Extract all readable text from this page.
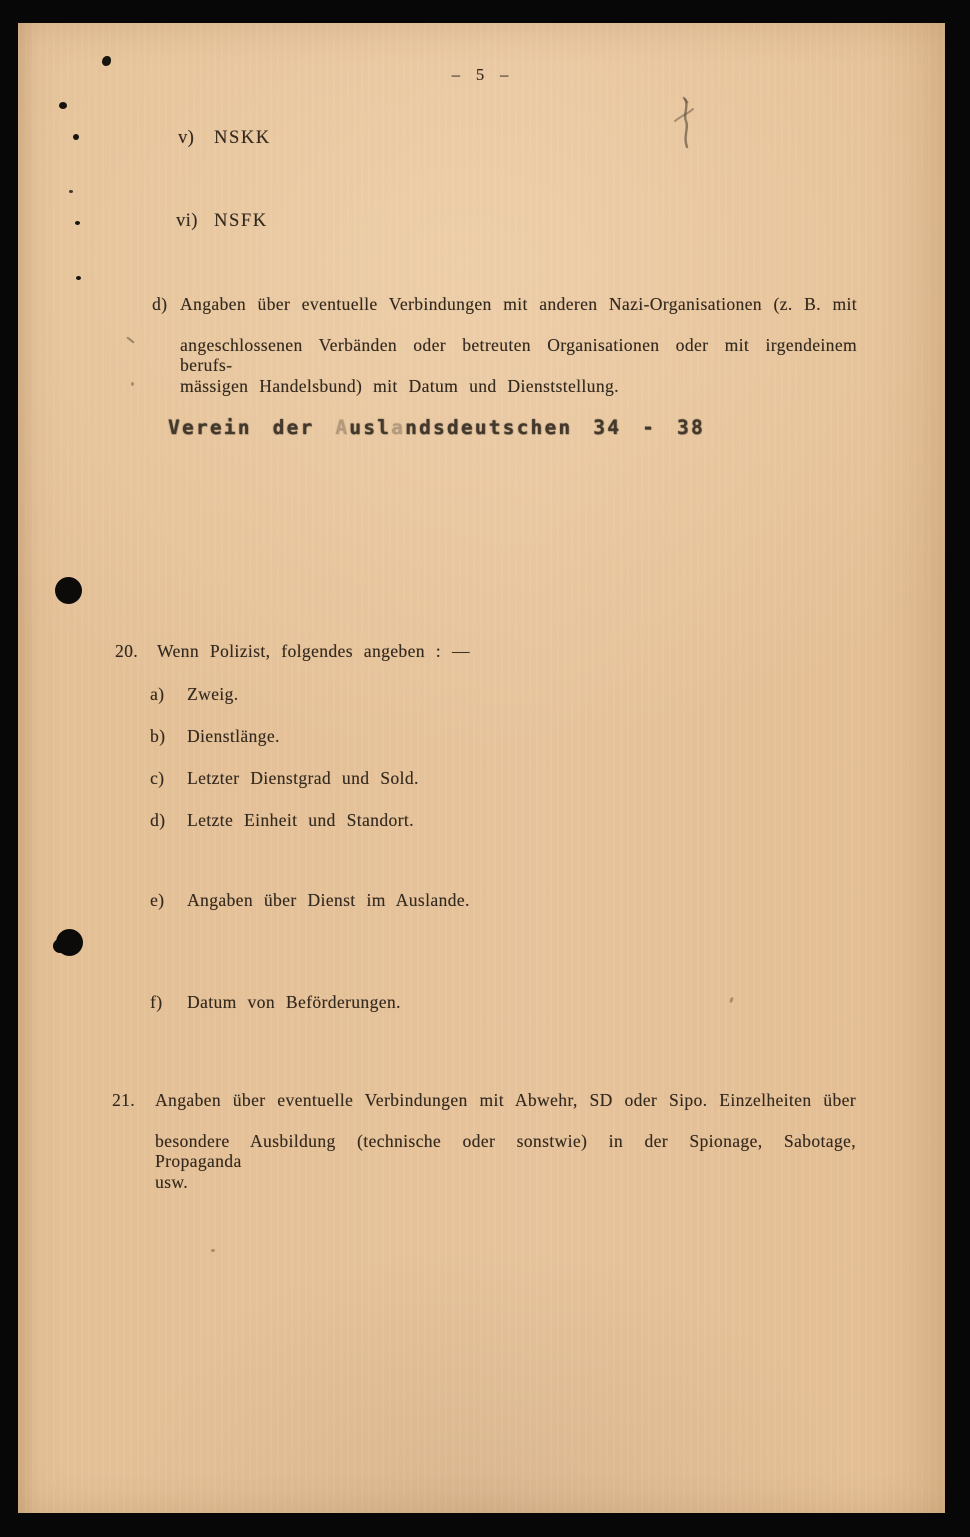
– 5 –
v) NSKK
vi) NSFK
d) Angaben über eventuelle Verbindungen mit anderen Nazi-Organisationen (z. B. mit
angeschlossenen Verbänden oder betreuten Organisationen oder mit irgendeinem berufs-
mässigen Handelsbund) mit Datum und Dienststellung.
Verein der Auslandsdeutschen 34 - 38
20. Wenn Polizist, folgendes angeben : —
a) Zweig.
b) Dienstlänge.
c) Letzter Dienstgrad und Sold.
d) Letzte Einheit und Standort.
e) Angaben über Dienst im Auslande.
f) Datum von Beförderungen.
21. Angaben über eventuelle Verbindungen mit Abwehr, SD oder Sipo. Einzelheiten über
besondere Ausbildung (technische oder sonstwie) in der Spionage, Sabotage, Propaganda
usw.
